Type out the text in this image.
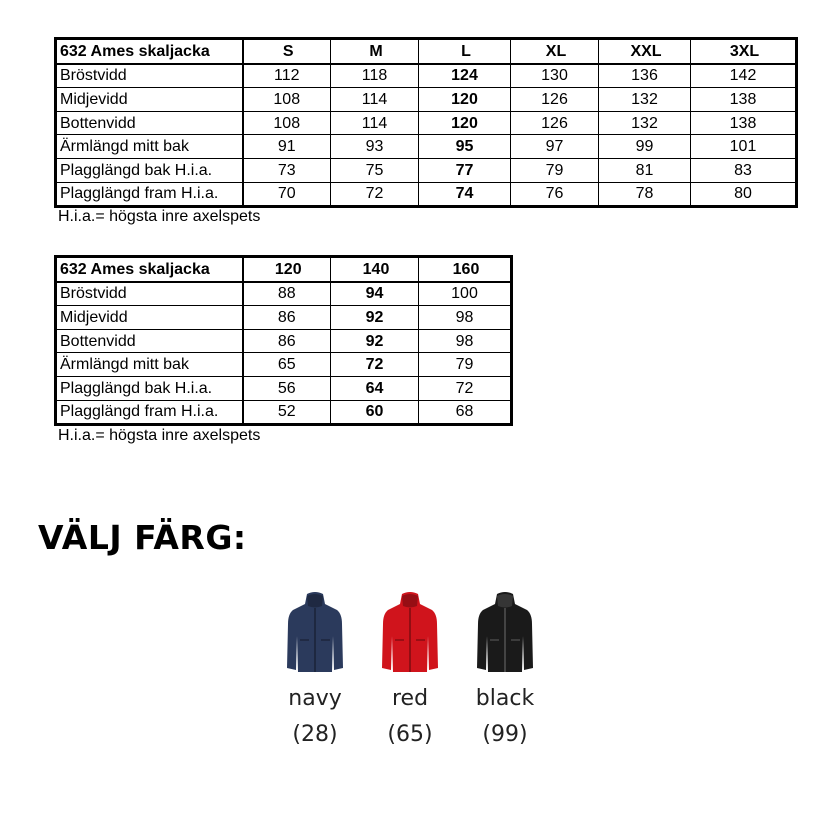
632 Ames skaljacka	S	M	L	XL	XXL	3XL
Bröstvidd	112	118	124	130	136	142
Midjevidd	108	114	120	126	132	138
Bottenvidd	108	114	120	126	132	138
Ärmlängd mitt bak	91	93	95	97	99	101
Plagglängd bak H.i.a.	73	75	77	79	81	83
Plagglängd fram H.i.a.	70	72	74	76	78	80
H.i.a.= högsta inre axelspets
632 Ames skaljacka	120	140	160
Bröstvidd	88	94	100
Midjevidd	86	92	98
Bottenvidd	86	92	98
Ärmlängd mitt bak	65	72	79
Plagglängd bak H.i.a.	56	64	72
Plagglängd fram H.i.a.	52	60	68
H.i.a.= högsta inre axelspets
VÄLJ FÄRG:
navy
(28)
red
(65)
black
(99)
